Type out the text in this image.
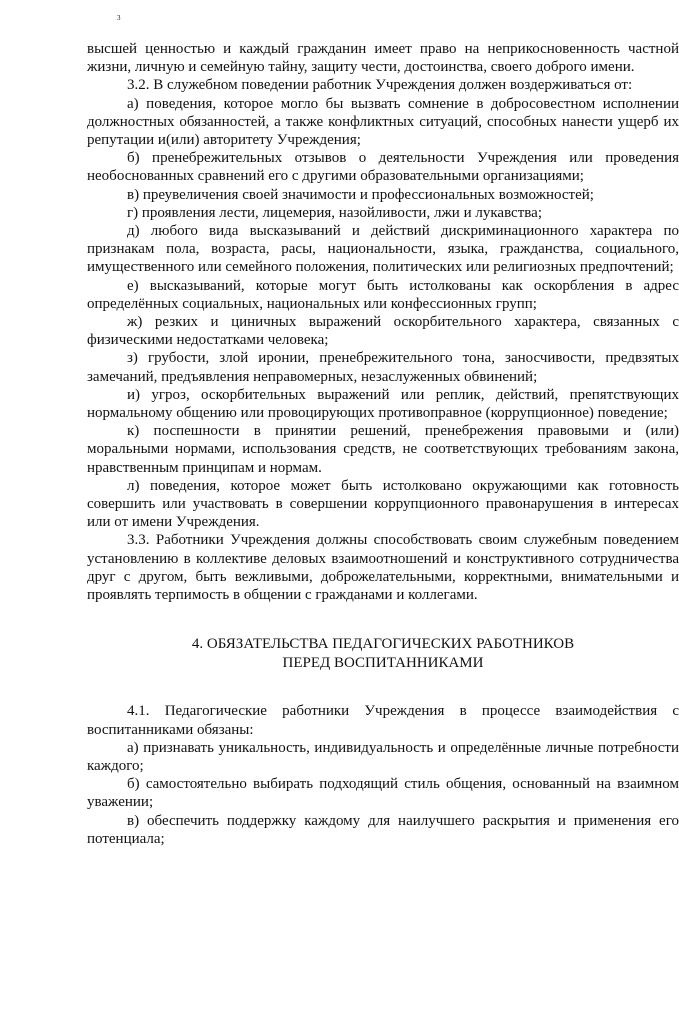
3

высшей ценностью и каждый гражданин имеет право на неприкосновенность частной жизни, личную и семейную тайну, защиту чести, достоинства, своего доброго имени.

3.2. В служебном поведении работник Учреждения должен воздерживаться от:

а) поведения, которое могло бы вызвать сомнение в добросовестном исполнении должностных обязанностей, а также конфликтных ситуаций, способных нанести ущерб их репутации и(или) авторитету Учреждения;

б) пренебрежительных отзывов о деятельности Учреждения или проведения необоснованных сравнений его с другими образовательными организациями;

в) преувеличения своей значимости и профессиональных возможностей;

г) проявления лести, лицемерия, назойливости, лжи и лукавства;

д) любого вида высказываний и действий дискриминационного характера по признакам пола, возраста, расы, национальности, языка, гражданства, социального, имущественного или семейного положения, политических или религиозных предпочтений;

е) высказываний, которые могут быть истолкованы как оскорбления в адрес определённых социальных, национальных или конфессионных групп;

ж) резких и циничных выражений оскорбительного характера, связанных с физическими недостатками человека;

з) грубости, злой иронии, пренебрежительного тона, заносчивости, предвзятых замечаний, предъявления неправомерных, незаслуженных обвинений;

и) угроз, оскорбительных выражений или реплик, действий, препятствующих нормальному общению или провоцирующих противоправное (коррупционное) поведение;

к) поспешности в принятии решений, пренебрежения правовыми и (или) моральными нормами, использования средств, не соответствующих требованиям закона, нравственным принципам и нормам.

л) поведения, которое может быть истолковано окружающими как готовность совершить или участвовать в совершении коррупционного правонарушения в интересах или от имени Учреждения.

3.3. Работники Учреждения должны способствовать своим служебным поведением установлению в коллективе деловых взаимоотношений и конструктивного сотрудничества друг с другом, быть вежливыми, доброжелательными, корректными, внимательными и проявлять терпимость в общении с гражданами и коллегами.

4. ОБЯЗАТЕЛЬСТВА ПЕДАГОГИЧЕСКИХ РАБОТНИКОВ
ПЕРЕД ВОСПИТАННИКАМИ

4.1. Педагогические работники Учреждения в процессе взаимодействия с воспитанниками обязаны:

а) признавать уникальность, индивидуальность и определённые личные потребности каждого;

б) самостоятельно выбирать подходящий стиль общения, основанный на взаимном уважении;

в) обеспечить поддержку каждому для наилучшего раскрытия и применения его потенциала;
